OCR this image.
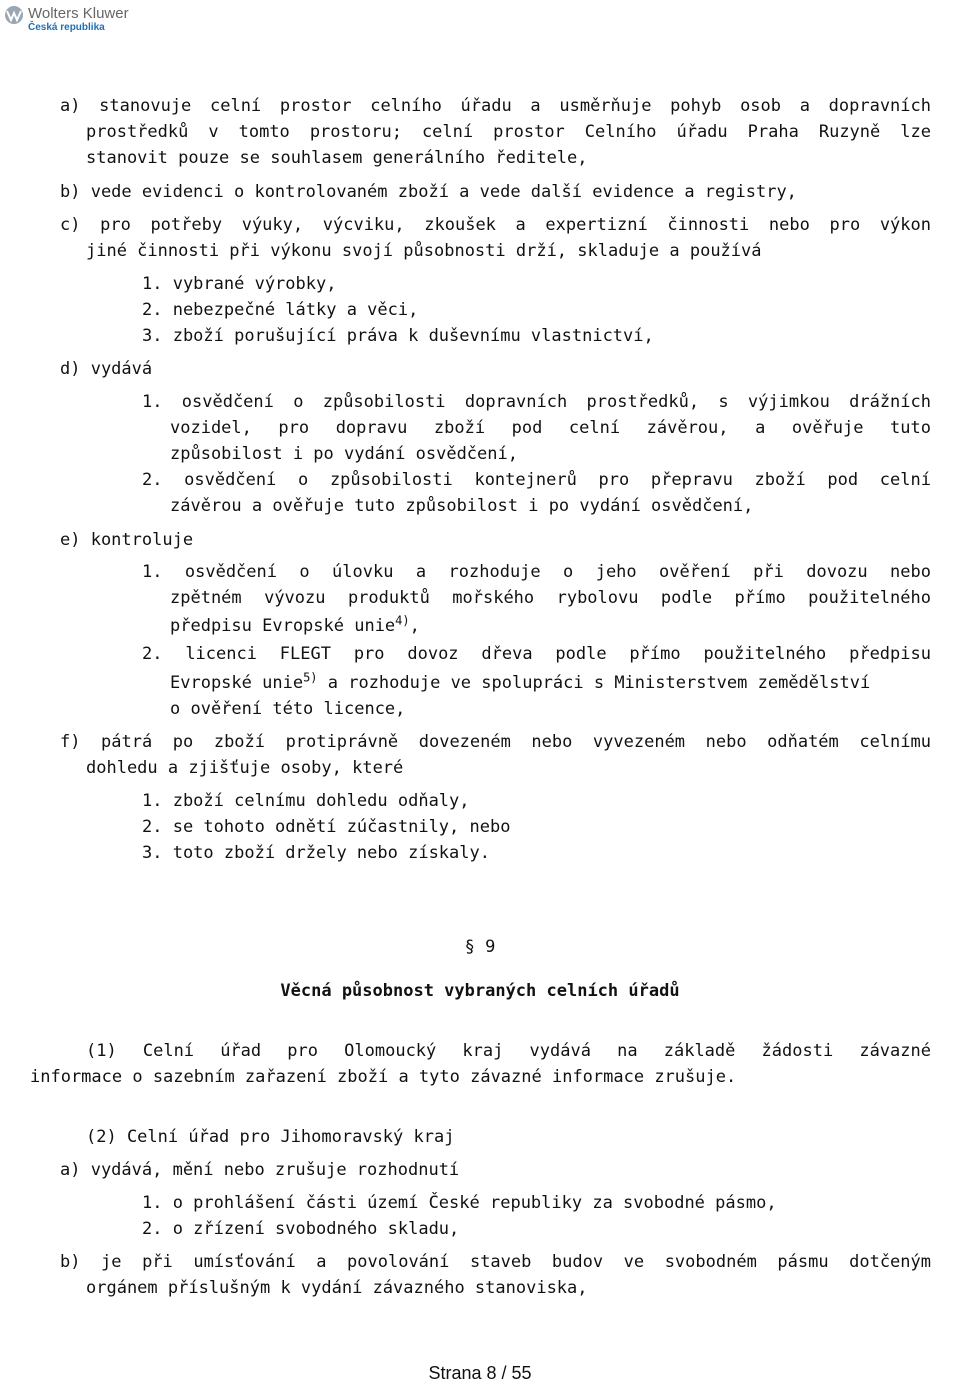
Wolters Kluwer
Česká republika
a) stanovuje celní prostor celního úřadu a usměrňuje pohyb osob a dopravních
prostředků v tomto prostoru; celní prostor Celního úřadu Praha Ruzyně lze
stanovit pouze se souhlasem generálního ředitele,
b) vede evidenci o kontrolovaném zboží a vede další evidence a registry,
c) pro potřeby výuky, výcviku, zkoušek a expertizní činnosti nebo pro výkon
jiné činnosti při výkonu svojí působnosti drží, skladuje a používá
1. vybrané výrobky,
2. nebezpečné látky a věci,
3. zboží porušující práva k duševnímu vlastnictví,
d) vydává
1. osvědčení o způsobilosti dopravních prostředků, s výjimkou drážních
vozidel, pro dopravu zboží pod celní závěrou, a ověřuje tuto
způsobilost i po vydání osvědčení,
2. osvědčení o způsobilosti kontejnerů pro přepravu zboží pod celní
závěrou a ověřuje tuto způsobilost i po vydání osvědčení,
e) kontroluje
1. osvědčení o úlovku a rozhoduje o jeho ověření při dovozu nebo
zpětném vývozu produktů mořského rybolovu podle přímo použitelného
předpisu Evropské unie$^{4)}$,
2. licenci FLEGT pro dovoz dřeva podle přímo použitelného předpisu
Evropské unie$^{5)}$ a rozhoduje ve spolupráci s Ministerstvem zemědělství
o ověření této licence,
f) pátrá po zboží protiprávně dovezeném nebo vyvezeném nebo odňatém celnímu
dohledu a zjišťuje osoby, které
1. zboží celnímu dohledu odňaly,
2. se tohoto odnětí zúčastnily, nebo
3. toto zboží držely nebo získaly.
§ 9
Věcná působnost vybraných celních úřadů
(1) Celní úřad pro Olomoucký kraj vydává na základě žádosti závazné
informace o sazebním zařazení zboží a tyto závazné informace zrušuje.
(2) Celní úřad pro Jihomoravský kraj
a) vydává, mění nebo zrušuje rozhodnutí
1. o prohlášení části území České republiky za svobodné pásmo,
2. o zřízení svobodného skladu,
b) je při umísťování a povolování staveb budov ve svobodném pásmu dotčeným
orgánem příslušným k vydání závazného stanoviska,
Strana 8 / 55
